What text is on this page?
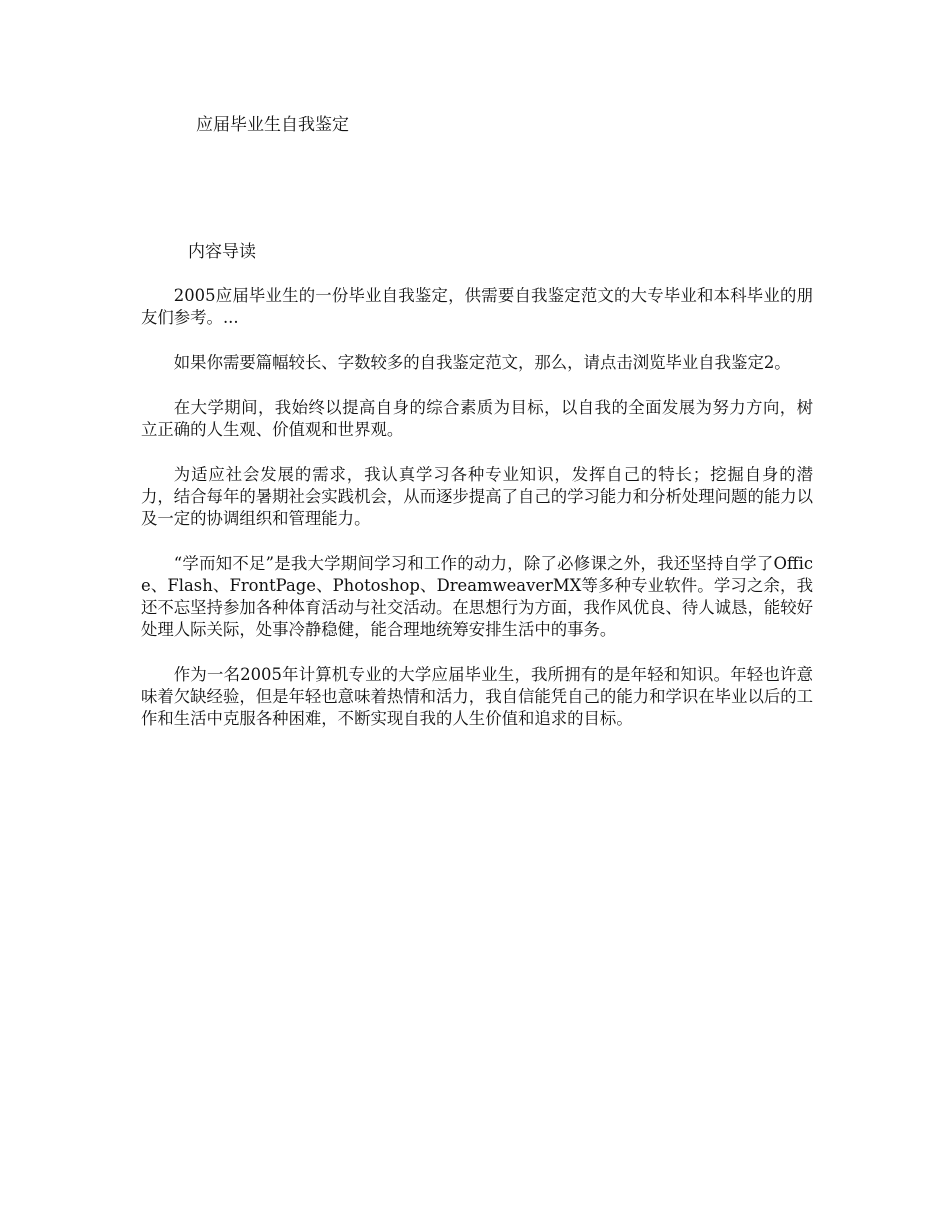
应届毕业生自我鉴定
内容导读

2005应届毕业生的一份毕业自我鉴定，供需要自我鉴定范文的大专毕业和本科毕业的朋友们参考。...

如果你需要篇幅较长、字数较多的自我鉴定范文，那么，请点击浏览毕业自我鉴定2。

在大学期间，我始终以提高自身的综合素质为目标，以自我的全面发展为努力方向，树立正确的人生观、价值观和世界观。

为适应社会发展的需求，我认真学习各种专业知识，发挥自己的特长；挖掘自身的潜力，结合每年的暑期社会实践机会，从而逐步提高了自己的学习能力和分析处理问题的能力以及一定的协调组织和管理能力。

“学而知不足”是我大学期间学习和工作的动力，除了必修课之外，我还坚持自学了Office、Flash、FrontPage、Photoshop、DreamweaverMX等多种专业软件。学习之余，我还不忘坚持参加各种体育活动与社交活动。在思想行为方面，我作风优良、待人诚恳，能较好处理人际关际，处事冷静稳健，能合理地统筹安排生活中的事务。

作为一名2005年计算机专业的大学应届毕业生，我所拥有的是年轻和知识。年轻也许意味着欠缺经验，但是年轻也意味着热情和活力，我自信能凭自己的能力和学识在毕业以后的工作和生活中克服各种困难，不断实现自我的人生价值和追求的目标。
